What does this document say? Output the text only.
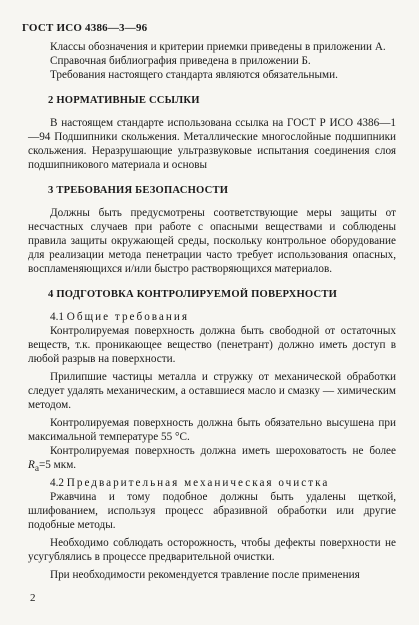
ГОСТ ИСО 4386—3—96

Классы обозначения и критерии приемки приведены в приложении А.

Справочная библиография приведена в приложении Б.

Требования настоящего стандарта являются обязательными.

2 НОРМАТИВНЫЕ ССЫЛКИ

В настоящем стандарте использована ссылка на ГОСТ Р ИСО 4386—1—94 Подшипники скольжения. Металлические многослойные подшипники скольжения. Неразрушающие ультразвуковые испытания соединения слоя подшипникового материала и основы

3 ТРЕБОВАНИЯ БЕЗОПАСНОСТИ

Должны быть предусмотрены соответствующие меры защиты от несчастных случаев при работе с опасными веществами и соблюдены правила защиты окружающей среды, поскольку контрольное оборудование для реализации метода пенетрации часто требует использования опасных, воспламеняющихся и/или быстро растворяющихся материалов.

4 ПОДГОТОВКА КОНТРОЛИРУЕМОЙ ПОВЕРХНОСТИ

4.1 Общие требования

Контролируемая поверхность должна быть свободной от остаточных веществ, т.к. проникающее вещество (пенетрант) должно иметь доступ в любой разрыв на поверхности.

Прилипшие частицы металла и стружку от механической обработки следует удалять механическим, а оставшиеся масло и смазку — химическим методом.

Контролируемая поверхность должна быть обязательно высушена при максимальной температуре 55 °С.

Контролируемая поверхность должна иметь шероховатость не более $R_a=5$ мкм.

4.2 Предварительная механическая очистка

Ржавчина и тому подобное должны быть удалены щеткой, шлифованием, используя процесс абразивной обработки или другие подобные методы.

Необходимо соблюдать осторожность, чтобы дефекты поверхности не усугублялись в процессе предварительной очистки.

При необходимости рекомендуется травление после применения

2
